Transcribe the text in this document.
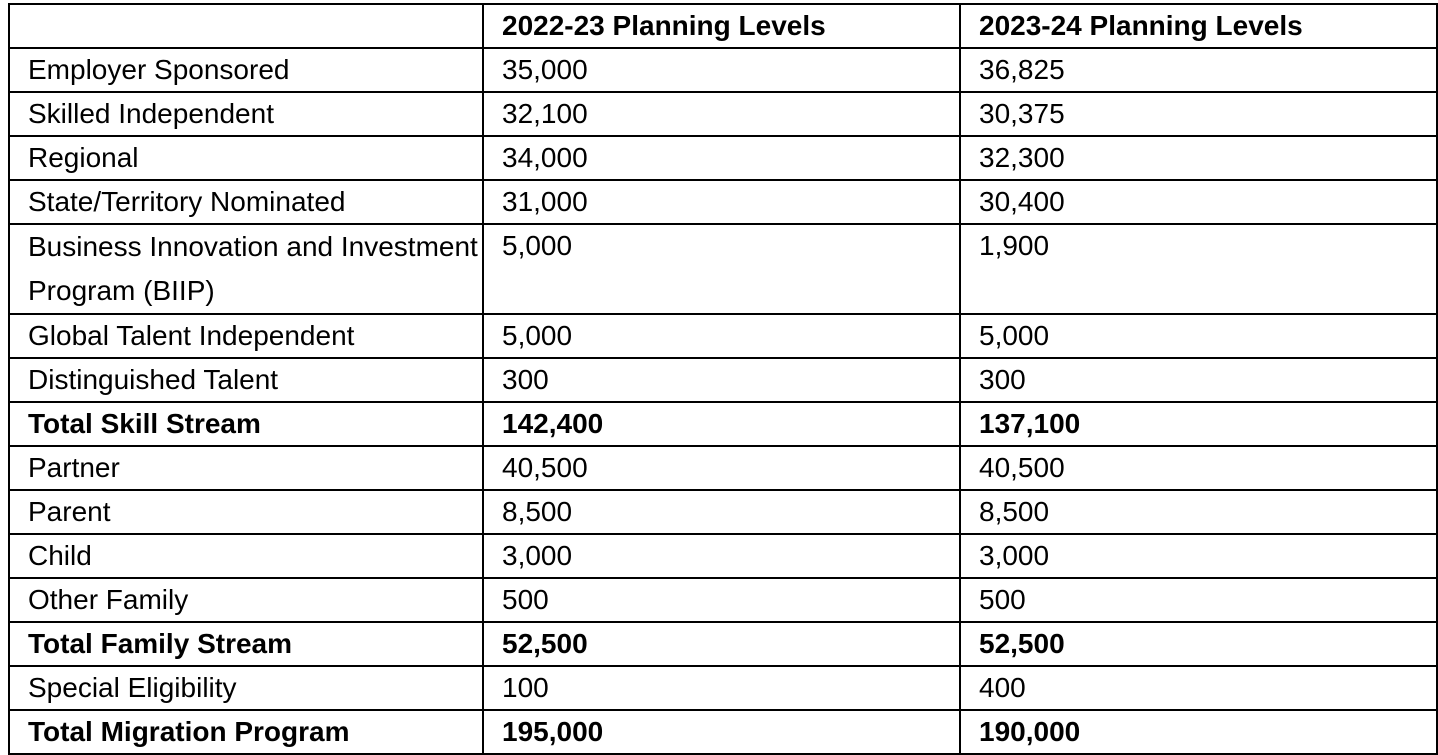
	2022-23 Planning Levels	2023-24 Planning Levels
Employer Sponsored	35,000	36,825
Skilled Independent	32,100	30,375
Regional	34,000	32,300
State/Territory Nominated	31,000	30,400
Business Innovation and Investment Program (BIIP)	5,000	1,900
Global Talent Independent	5,000	5,000
Distinguished Talent	300	300
Total Skill Stream	142,400	137,100
Partner	40,500	40,500
Parent	8,500	8,500
Child	3,000	3,000
Other Family	500	500
Total Family Stream	52,500	52,500
Special Eligibility	100	400
Total Migration Program	195,000	190,000
